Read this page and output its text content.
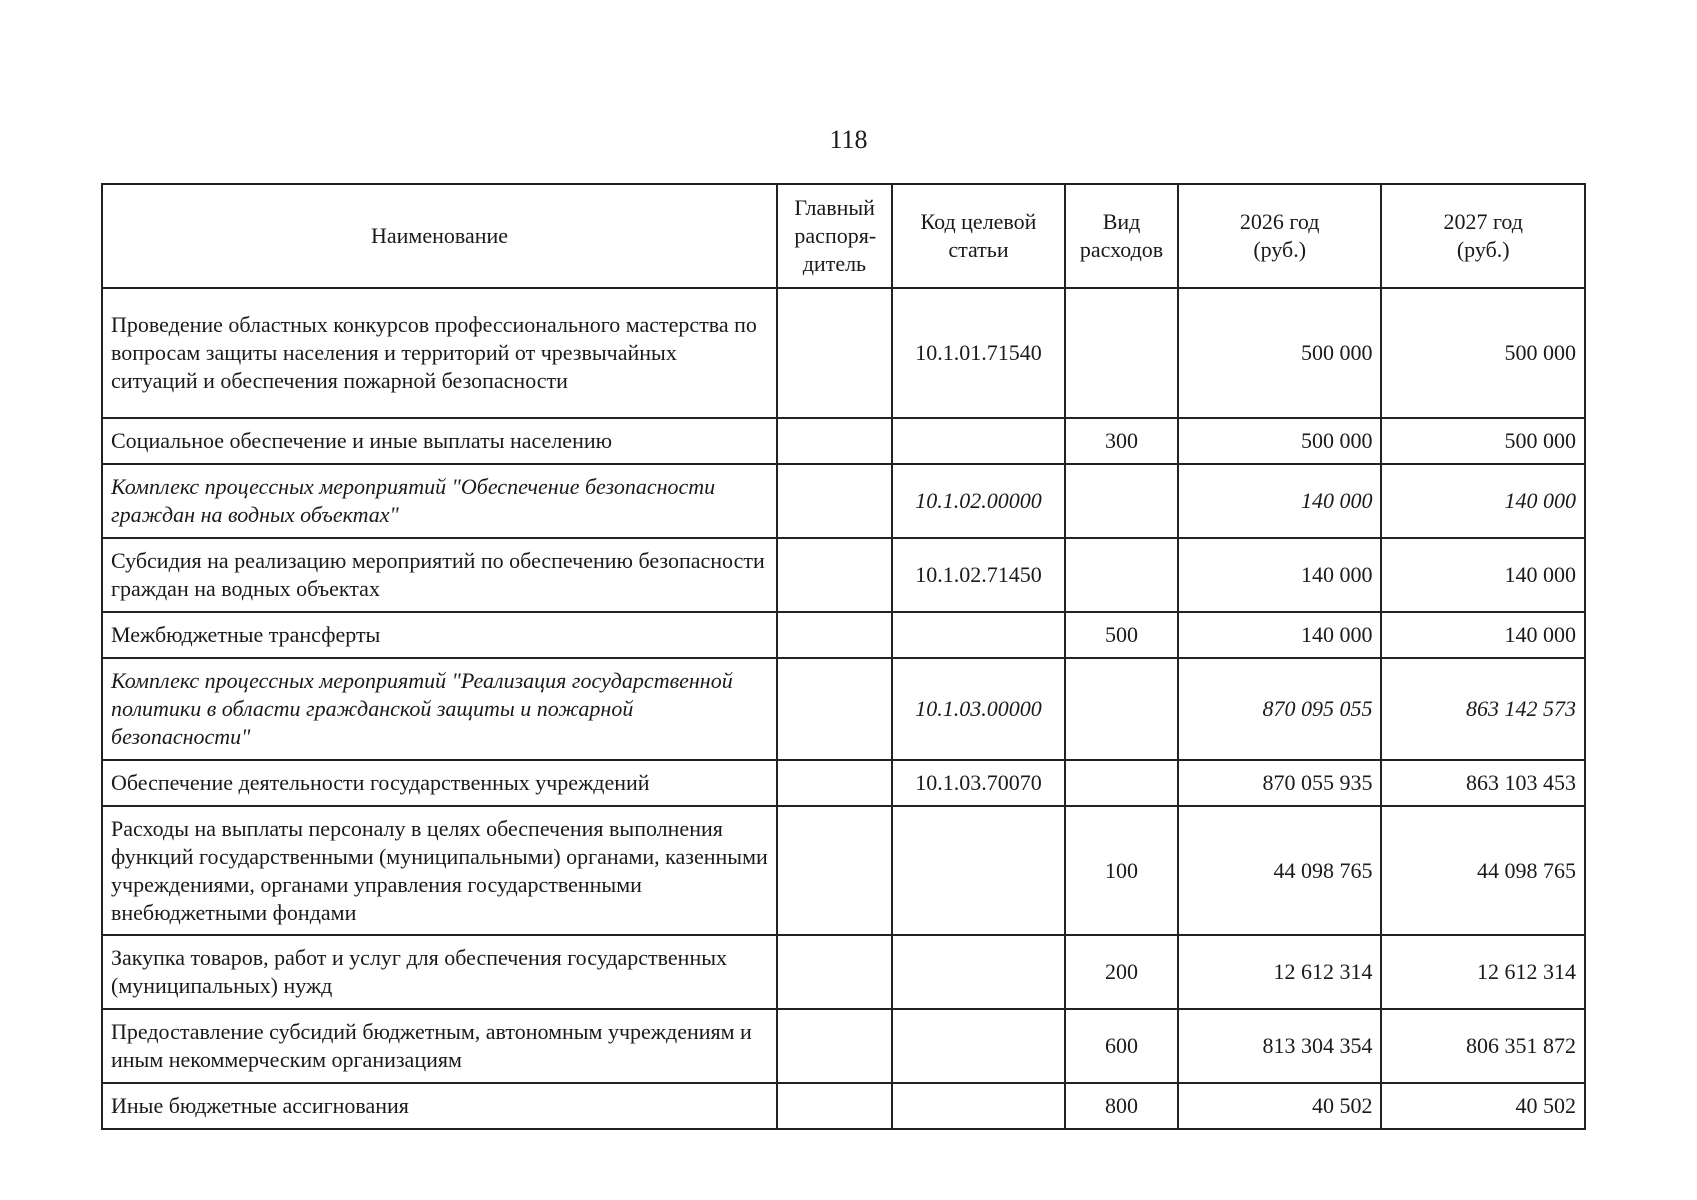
118
Наименование	Главный распоря-дитель	Код целевой статьи	Вид расходов	2026 год (руб.)	2027 год (руб.)

Проведение областных конкурсов профессионального мастерства по вопросам защиты населения и территорий от чрезвычайных ситуаций и обеспечения пожарной безопасности		10.1.01.71540		500 000	500 000
Социальное обеспечение и иные выплаты населению			300	500 000	500 000
Комплекс процессных мероприятий "Обеспечение безопасности граждан на водных объектах"		10.1.02.00000		140 000	140 000
Субсидия на реализацию мероприятий по обеспечению безопасности граждан на водных объектах		10.1.02.71450		140 000	140 000
Межбюджетные трансферты			500	140 000	140 000
Комплекс процессных мероприятий "Реализация государственной политики в области гражданской защиты и пожарной безопасности"		10.1.03.00000		870 095 055	863 142 573
Обеспечение деятельности государственных учреждений		10.1.03.70070		870 055 935	863 103 453
Расходы на выплаты персоналу в целях обеспечения выполнения функций государственными (муниципальными) органами, казенными учреждениями, органами управления государственными внебюджетными фондами			100	44 098 765	44 098 765
Закупка товаров, работ и услуг для обеспечения государственных (муниципальных) нужд			200	12 612 314	12 612 314
Предоставление субсидий бюджетным, автономным учреждениям и иным некоммерческим организациям			600	813 304 354	806 351 872
Иные бюджетные ассигнования			800	40 502	40 502
